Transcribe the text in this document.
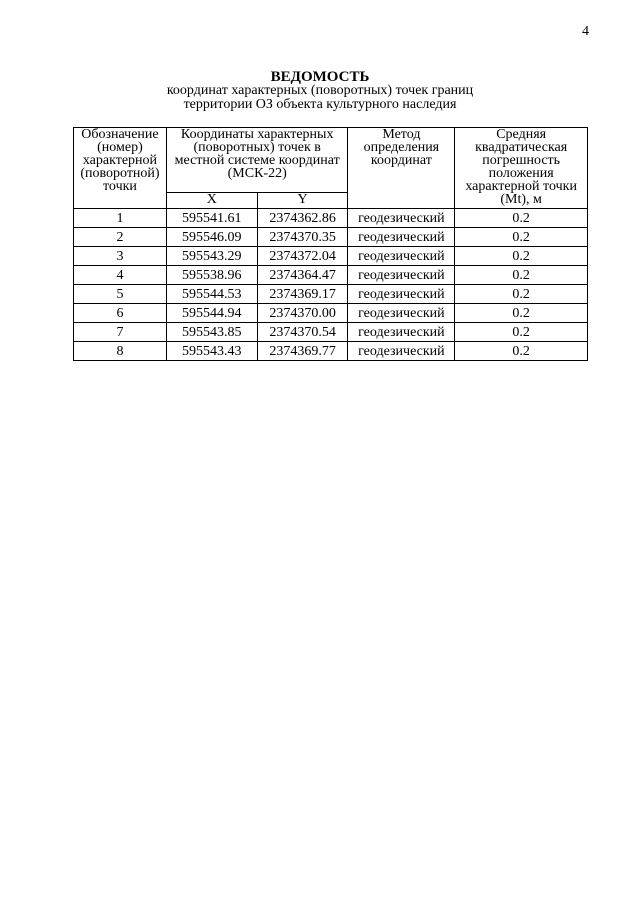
4
ВЕДОМОСТЬ
координат характерных (поворотных) точек границ
территории ОЗ объекта культурного наследия
Обозначение (номер) характерной (поворотной) точки	Координаты характерных (поворотных) точек в местной системе координат (МСК-22)		Метод определения координат	Средняя квадратическая погрешность положения характерной точки (Mt), м
	X	Y		
1	595541.61	2374362.86	геодезический	0.2
2	595546.09	2374370.35	геодезический	0.2
3	595543.29	2374372.04	геодезический	0.2
4	595538.96	2374364.47	геодезический	0.2
5	595544.53	2374369.17	геодезический	0.2
6	595544.94	2374370.00	геодезический	0.2
7	595543.85	2374370.54	геодезический	0.2
8	595543.43	2374369.77	геодезический	0.2
